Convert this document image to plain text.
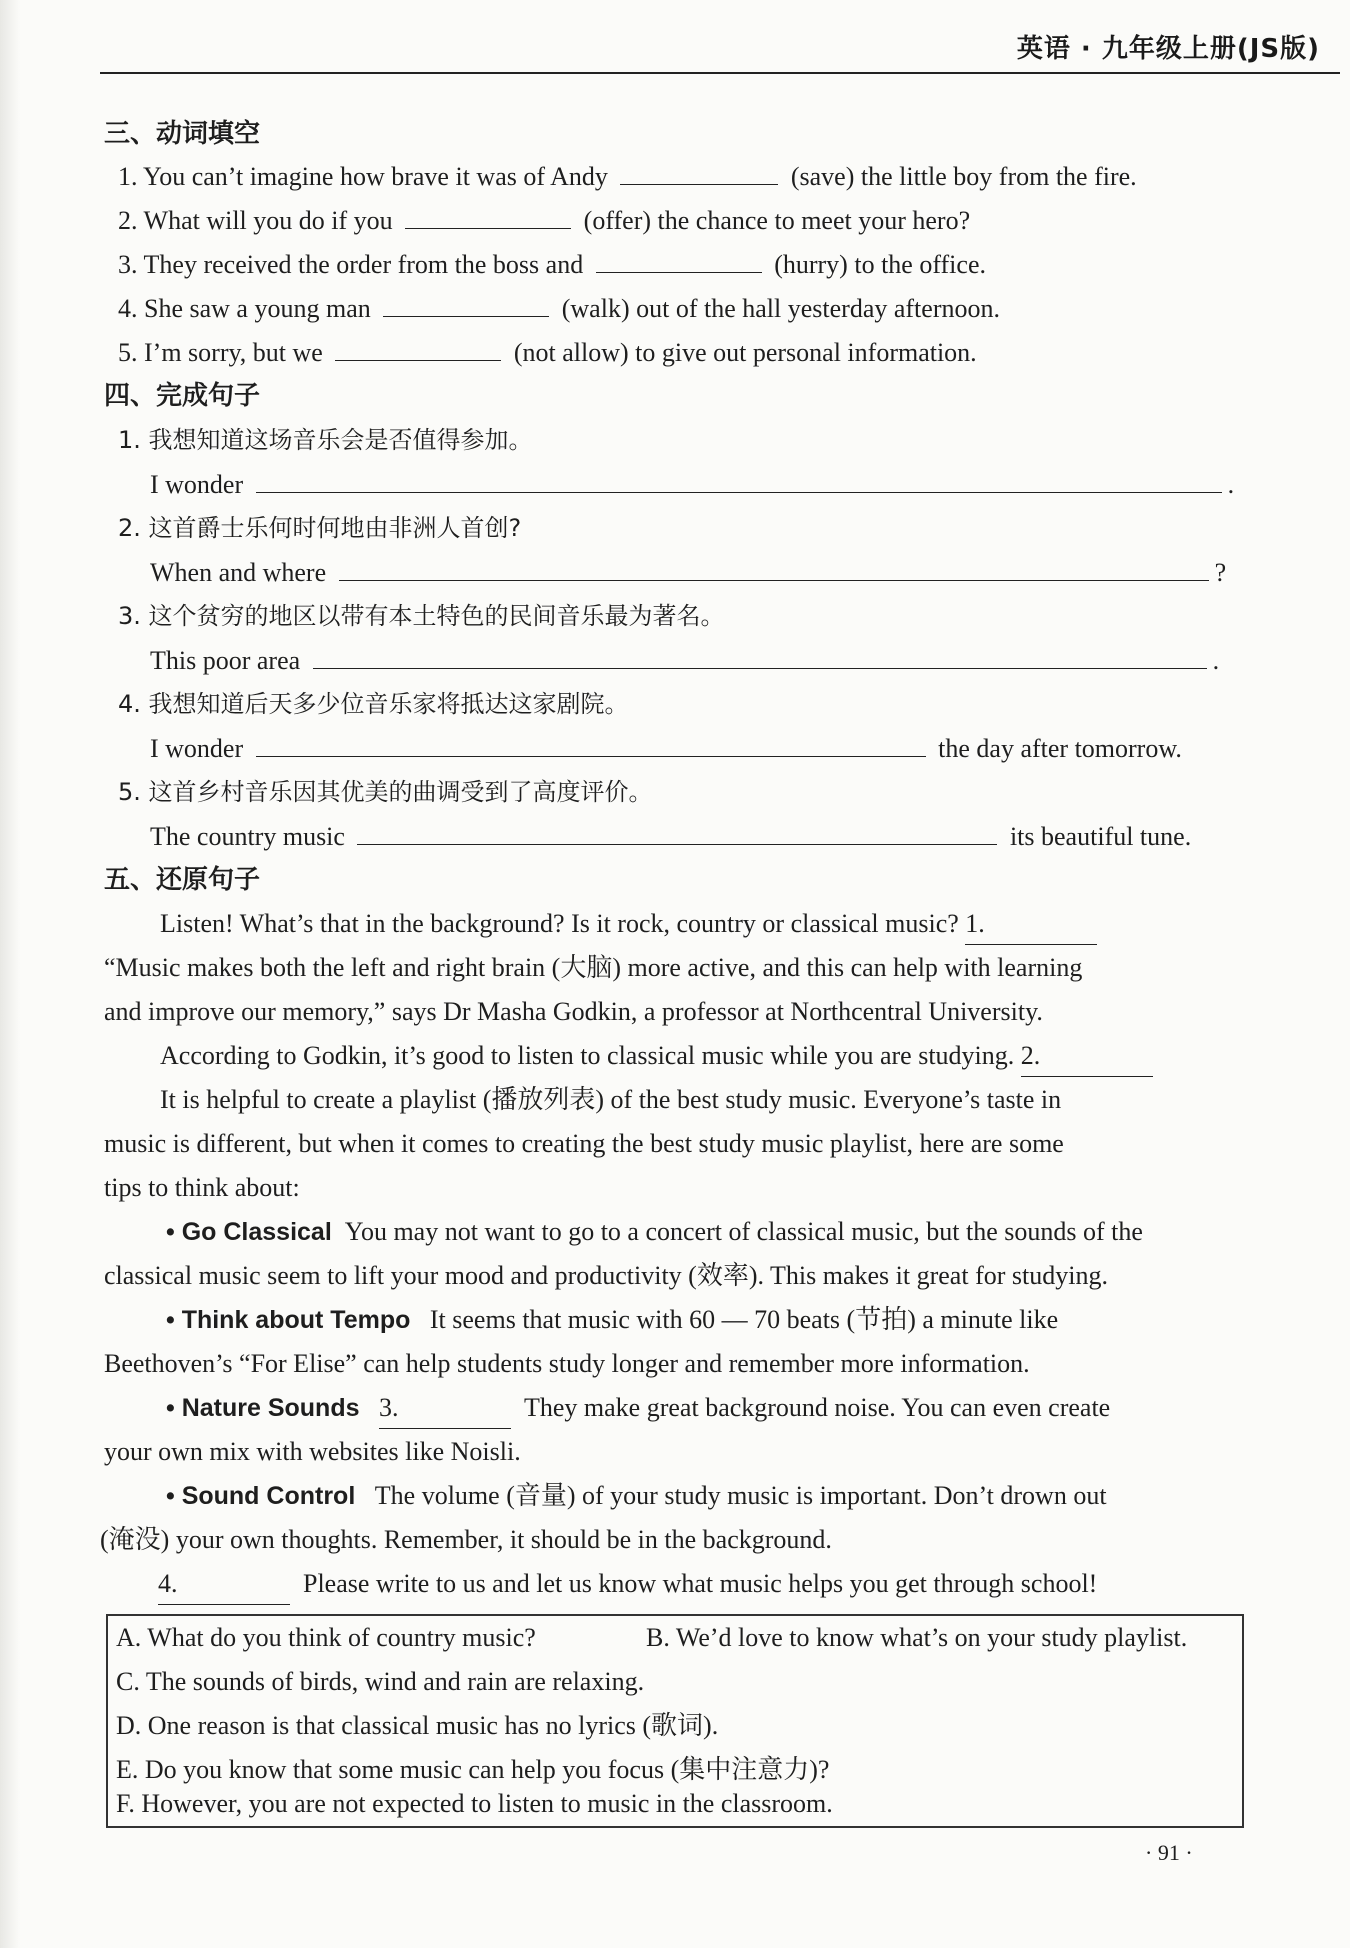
英语 · 九年级上册(JS版)
三、动词填空
1. You can’t imagine how brave it was of Andy	(save) the little boy from the fire.
2. What will you do if you	(offer) the chance to meet your hero?
3. They received the order from the boss and	(hurry) to the office.
4. She saw a young man	(walk) out of the hall yesterday afternoon.
5. I’m sorry, but we	(not allow) to give out personal information.
四、完成句子
1. 我想知道这场音乐会是否值得参加。
I wonder	.
2. 这首爵士乐何时何地由非洲人首创?
When and where	?
3. 这个贫穷的地区以带有本土特色的民间音乐最为著名。
This poor area	.
4. 我想知道后天多少位音乐家将抵达这家剧院。
I wonder	the day after tomorrow.
5. 这首乡村音乐因其优美的曲调受到了高度评价。
The country music	its beautiful tune.
五、还原句子
Listen! What’s that in the background? Is it rock, country or classical music? 1.
“Music makes both the left and right brain (大脑) more active, and this can help with learning
and improve our memory,” says Dr Masha Godkin, a professor at Northcentral University.
According to Godkin, it’s good to listen to classical music while you are studying. 2.
It is helpful to create a playlist (播放列表) of the best study music. Everyone’s taste in
music is different, but when it comes to creating the best study music playlist, here are some
tips to think about:
• Go Classical You may not want to go to a concert of classical music, but the sounds of the
classical music seem to lift your mood and productivity (效率). This makes it great for studying.
• Think about Tempo It seems that music with 60 — 70 beats (节拍) a minute like
Beethoven’s “For Elise” can help students study longer and remember more information.
• Nature Sounds 3.	They make great background noise. You can even create
your own mix with websites like Noisli.
• Sound Control The volume (音量) of your study music is important. Don’t drown out
(淹没) your own thoughts. Remember, it should be in the background.
4.	Please write to us and let us know what music helps you get through school!
A. What do you think of country music?	B. We’d love to know what’s on your study playlist.
C. The sounds of birds, wind and rain are relaxing.
D. One reason is that classical music has no lyrics (歌词).
E. Do you know that some music can help you focus (集中注意力)?
F. However, you are not expected to listen to music in the classroom.
· 91 ·
